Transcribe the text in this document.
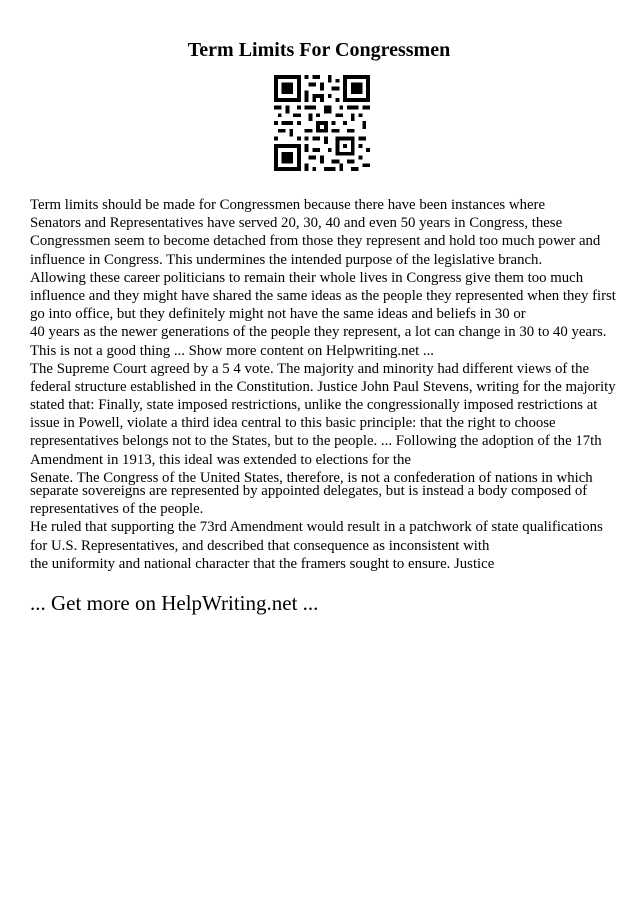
Term Limits For Congressmen
Term limits should be made for Congressmen because there have been instances where
Senators and Representatives have served 20, 30, 40 and even 50 years in Congress, these
Congressmen seem to become detached from those they represent and hold too much power and
influence in Congress. This undermines the intended purpose of the legislative branch.
Allowing these career politicians to remain their whole lives in Congress give them too much
influence and they might have shared the same ideas as the people they represented when they first
go into office, but they definitely might not have the same ideas and beliefs in 30 or
40 years as the newer generations of the people they represent, a lot can change in 30 to 40 years.
This is not a good thing ... Show more content on Helpwriting.net ...
The Supreme Court agreed by a 5 4 vote. The majority and minority had different views of the
federal structure established in the Constitution. Justice John Paul Stevens, writing for the majority
stated that: Finally, state imposed restrictions, unlike the congressionally imposed restrictions at
issue in Powell, violate a third idea central to this basic principle: that the right to choose
representatives belongs not to the States, but to the people. ... Following the adoption of the 17th
Amendment in 1913, this ideal was extended to elections for the
Senate. The Congress of the United States, therefore, is not a confederation of nations in which
separate sovereigns are represented by appointed delegates, but is instead a body composed of
representatives of the people.
He ruled that supporting the 73rd Amendment would result in a patchwork of state qualifications
for U.S. Representatives, and described that consequence as inconsistent with
the uniformity and national character that the framers sought to ensure. Justice
... Get more on HelpWriting.net ...
